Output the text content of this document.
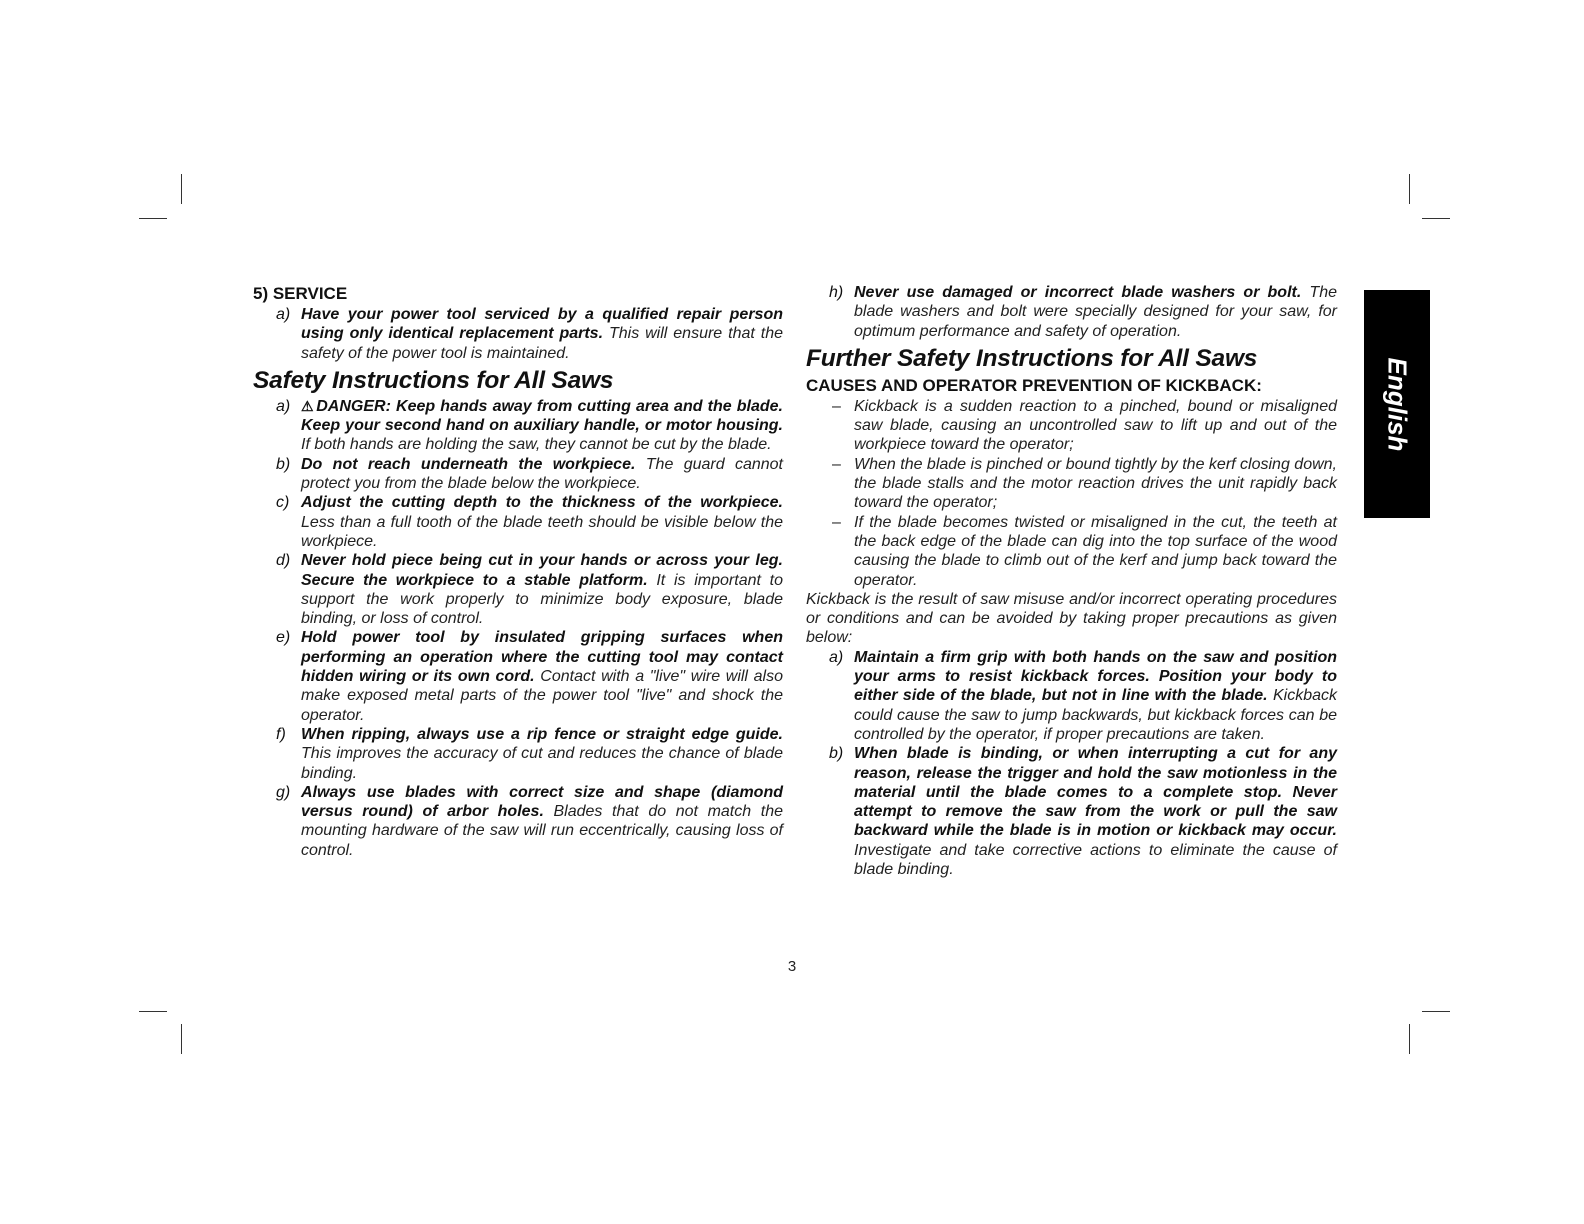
5) SERVICE

a) Have your power tool serviced by a qualified repair person using only identical replacement parts. This will ensure that the safety of the power tool is maintained.

Safety Instructions for All Saws

a) ⚠ DANGER: Keep hands away from cutting area and the blade. Keep your second hand on auxiliary handle, or motor housing. If both hands are holding the saw, they cannot be cut by the blade.

b) Do not reach underneath the workpiece. The guard cannot protect you from the blade below the workpiece.

c) Adjust the cutting depth to the thickness of the workpiece. Less than a full tooth of the blade teeth should be visible below the workpiece.

d) Never hold piece being cut in your hands or across your leg. Secure the workpiece to a stable platform. It is important to support the work properly to minimize body exposure, blade binding, or loss of control.

e) Hold power tool by insulated gripping surfaces when performing an operation where the cutting tool may contact hidden wiring or its own cord. Contact with a "live" wire will also make exposed metal parts of the power tool "live" and shock the operator.

f) When ripping, always use a rip fence or straight edge guide. This improves the accuracy of cut and reduces the chance of blade binding.

g) Always use blades with correct size and shape (diamond versus round) of arbor holes. Blades that do not match the mounting hardware of the saw will run eccentrically, causing loss of control.

h) Never use damaged or incorrect blade washers or bolt. The blade washers and bolt were specially designed for your saw, for optimum performance and safety of operation.

Further Safety Instructions for All Saws
CAUSES AND OPERATOR PREVENTION OF KICKBACK:

– Kickback is a sudden reaction to a pinched, bound or misaligned saw blade, causing an uncontrolled saw to lift up and out of the workpiece toward the operator;

– When the blade is pinched or bound tightly by the kerf closing down, the blade stalls and the motor reaction drives the unit rapidly back toward the operator;

– If the blade becomes twisted or misaligned in the cut, the teeth at the back edge of the blade can dig into the top surface of the wood causing the blade to climb out of the kerf and jump back toward the operator.

Kickback is the result of saw misuse and/or incorrect operating procedures or conditions and can be avoided by taking proper precautions as given below:

a) Maintain a firm grip with both hands on the saw and position your arms to resist kickback forces. Position your body to either side of the blade, but not in line with the blade. Kickback could cause the saw to jump backwards, but kickback forces can be controlled by the operator, if proper precautions are taken.

b) When blade is binding, or when interrupting a cut for any reason, release the trigger and hold the saw motionless in the material until the blade comes to a complete stop. Never attempt to remove the saw from the work or pull the saw backward while the blade is in motion or kickback may occur. Investigate and take corrective actions to eliminate the cause of blade binding.

English
3
